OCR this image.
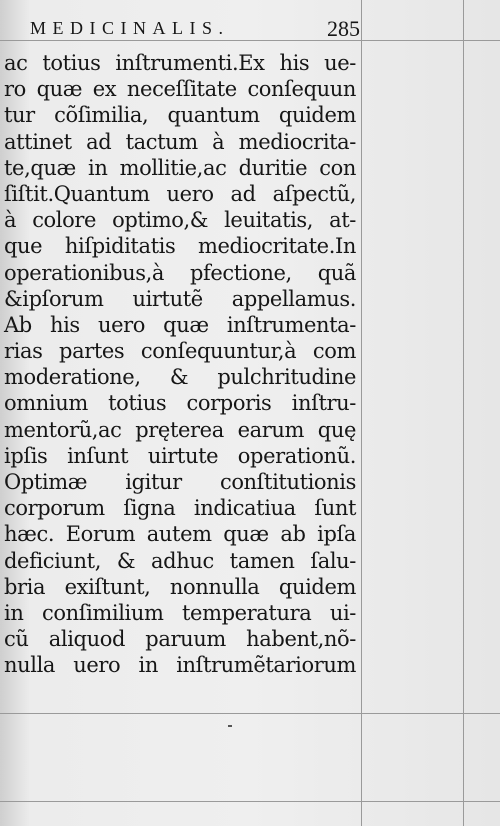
MEDICINALIS.	285
ac totius inſtrumenti.Ex his ue-
ro quæ ex neceſſitate conſequun
tur cõſimilia, quantum quidem
attinet ad tactum à mediocrita-
te,quæ in mollitie,ac duritie con
ſiſtit.Quantum uero ad aſpectũ,
à colore optimo,& leuitatis, at-
que hiſpiditatis mediocritate.In
operationibus,à pfectione, quã
&ipſorum uirtutẽ appellamus.
Ab his uero quæ inſtrumenta-
rias partes conſequuntur,à com
moderatione, & pulchritudine
omnium totius corporis inſtru-
mentorũ,ac pręterea earum quę
ipſis inſunt uirtute operationũ.
Optimæ igitur conſtitutionis
corporum ſigna indicatiua ſunt
hæc. Eorum autem quæ ab ipſa
deficiunt, & adhuc tamen ſalu-
bria exiſtunt, nonnulla quidem
in conſimilium temperatura ui-
cũ aliquod paruum habent,nõ-
nulla uero in inſtrumẽtariorum
